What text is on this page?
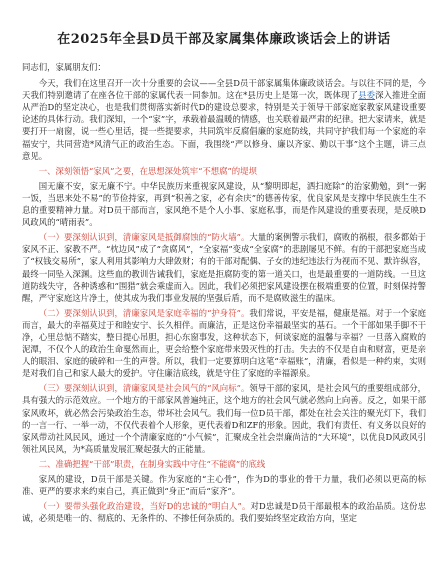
在2025年全县D员干部及家属集体廉政谈话会上的讲话
同志们，家属朋友们：

今天，我们在这里召开一次十分重要的会议——全县D员干部家属集体廉政谈话会。与以往不同的是，今天我们特别邀请了在座各位干部的家属代表一同参加。这在*县历史上是第一次，既体现了县委深入推进全面从严治D的坚定决心，也是我们贯彻落实新时代D的建设总要求，特别是关于领导干部家庭家教家风建设重要论述的具体行动。我们深知，一个“家”字，承载着最温暖的情感，也关联着最严肃的纪律。把大家请来，就是要打开一扇窗，说一些心里话，提一些提要求，共同筑牢反腐倡廉的家庭防线，共同守护我们每一个家庭的幸福安宁，共同营造*风清气正的政治生态。下面，我围绕“严以修身、廉以齐家、勤以干事”这个主题，讲三点意见。

一、深刻领悟“家风”之要，在思想深处筑牢“不想腐”的堤坝

国无廉不安，家无廉不宁。中华民族历来重视家风建设，从“黎明即起，洒扫庭除”的治家勤勉，到“一粥一饭，当思来处不易”的节俭持家，再到“积善之家，必有余庆”的德善传家，优良家风是支撑中华民族生生不息的重要精神力量。对D员干部而言，家风绝不是个人小事、家庭私事，而是作风建设的重要表现，是反映D风政风的“晴雨表”。

（一）要深刻认识到，清廉家风是抵御腐蚀的“防火墙”。大量的案例警示我们，腐败的祸根，很多都始于家风不正、家教不严。“枕边风”成了“贪腐风”，“全家福”变成“全家腐”的悲剧屡见不鲜。有的干部把家庭当成了“权钱交易所”，家人利用其影响力大肆敛财；有的干部对配偶、子女的违纪违法行为视而不见、默许纵容，最终一同坠入深渊。这些血的教训告诫我们，家庭是拒腐防变的第一道关口，也是最重要的一道防线。一旦这道防线失守，各种诱惑和“围猎”就会乘虚而入。因此，我们必须把家风建设摆在极端重要的位置，时刻保持警醒，严守家庭这片净土，使其成为我们事业发展的坚强后盾，而不是腐败滋生的温床。

（二）要深刻认识到，清廉家风是家庭幸福的“护身符”。我们常说，平安是福，健康是福。对于一个家庭而言，最大的幸福莫过于和睦安宁、长久相伴。而廉洁，正是这份幸福最坚实的基石。一个干部如果手脚不干净，心里总惦不踏实，整日提心吊胆，担心东窗事发，这种状态下，何谈家庭的温馨与幸福？一旦落入腐败的泥潭，不仅个人的政治生命戛然而止，更会给整个家庭带来毁灭性的打击。失去的不仅是自由和财富，更是亲人的眼泪、家庭的破碎和一生的声誉。所以，我们一定要算明白这笔“幸福账”，清廉，看似是一种约束，实则是对我们自己和家人最大的爱护。守住廉洁底线，就是守住了家庭的幸福源泉。

（三）要深刻认识到，清廉家风是社会风气的“风向标”。领导干部的家风，是社会风气的重要组成部分，具有强大的示范效应。一个地方的干部家风普遍纯正，这个地方的社会风气就必然向上向善。反之，如果干部家风败坏，就必然会污染政治生态，带坏社会风气。我们每一位D员干部，都处在社会关注的聚光灯下，我们的一言一行、一举一动，不仅代表着个人形象，更代表着D和ZF的形象。因此，我们有责任、有义务以良好的家风带动社风民风，通过一个个清廉家庭的“小气候”，汇聚成全社会崇廉尚洁的“大环境”，以优良D风政风引领社风民风，为*高质量发展汇聚起强大的正能量。

二、准确把握“干部”职责，在制身实践中守住“不能腐”的底线

家风的建设，D员干部是关键。作为家庭的“主心骨”，作为D的事业的骨干力量，我们必须以更高的标准、更严的要求来约束自己，真正做到“身正”而后“家齐”。

（一）要带头强化政治建设，当好D的忠诚的“明白人”。对D忠诚是D员干部最根本的政治品质。这份忠诚，必须是唯一的、彻底的、无条件的、不掺任何杂质的。我们要始终坚定政治方向，坚定
